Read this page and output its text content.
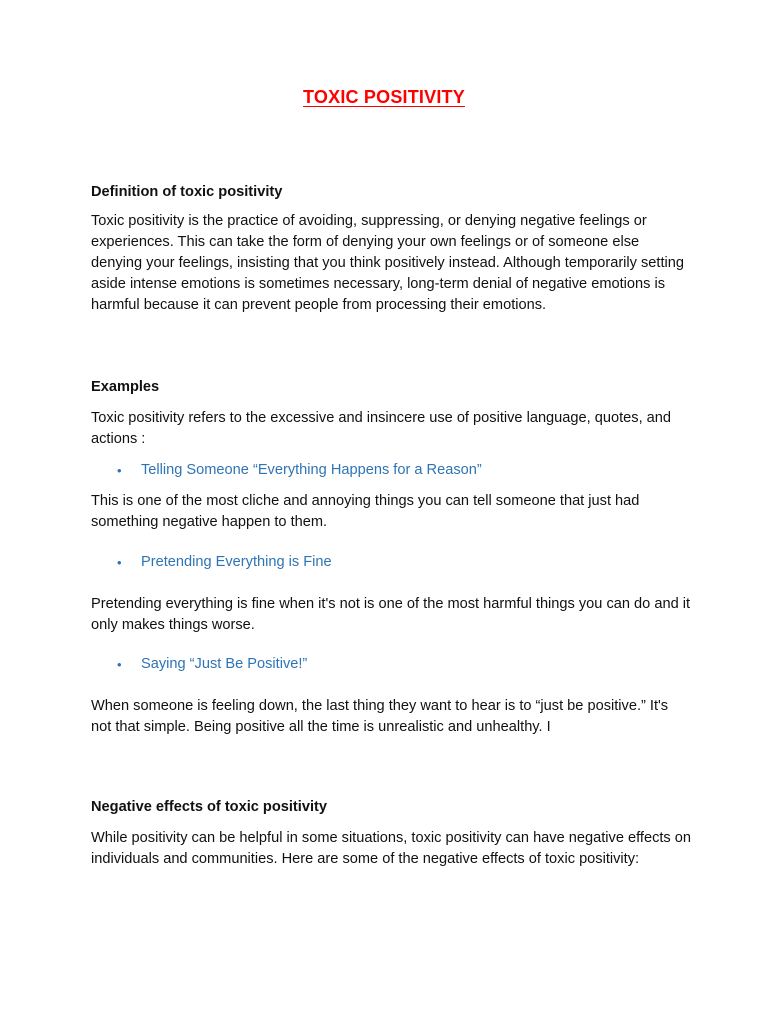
TOXIC POSITIVITY
Definition of toxic positivity
Toxic positivity is the practice of avoiding, suppressing, or denying negative feelings or experiences. This can take the form of denying your own feelings or of someone else denying your feelings, insisting that you think positively instead. Although temporarily setting aside intense emotions is sometimes necessary, long-term denial of negative emotions is harmful because it can prevent people from processing their emotions.
Examples
Toxic positivity refers to the excessive and insincere use of positive language, quotes, and actions :
• Telling Someone “Everything Happens for a Reason”
This is one of the most cliche and annoying things you can tell someone that just had something negative happen to them.
• Pretending Everything is Fine
Pretending everything is fine when it's not is one of the most harmful things you can do and it only makes things worse.
• Saying “Just Be Positive!”
When someone is feeling down, the last thing they want to hear is to “just be positive.” It's not that simple. Being positive all the time is unrealistic and unhealthy. I
Negative effects of toxic positivity
While positivity can be helpful in some situations, toxic positivity can have negative effects on individuals and communities. Here are some of the negative effects of toxic positivity:
